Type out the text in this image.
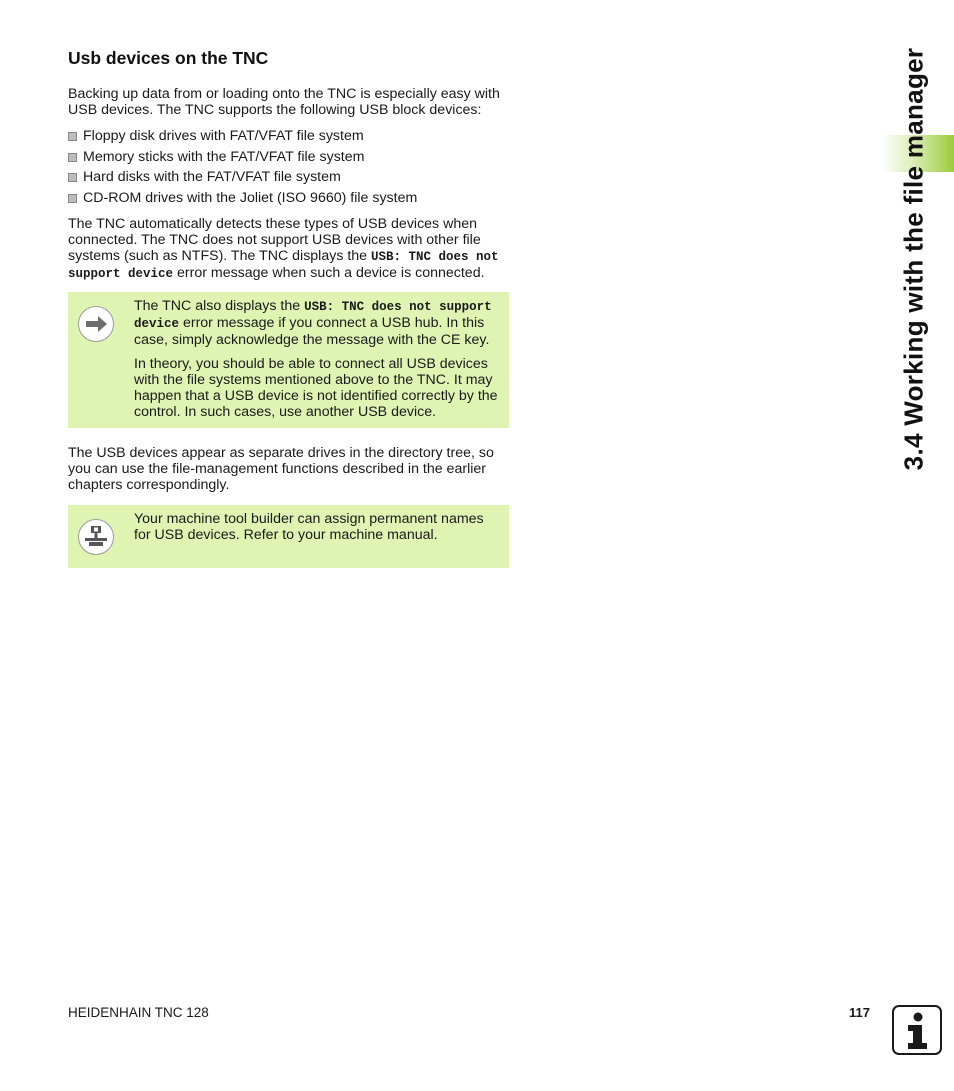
Usb devices on the TNC

Backing up data from or loading onto the TNC is especially easy with USB devices. The TNC supports the following USB block devices:

Floppy disk drives with FAT/VFAT file system
Memory sticks with the FAT/VFAT file system
Hard disks with the FAT/VFAT file system
CD-ROM drives with the Joliet (ISO 9660) file system

The TNC automatically detects these types of USB devices when connected. The TNC does not support USB devices with other file systems (such as NTFS). The TNC displays the USB: TNC does not support device error message when such a device is connected.

The TNC also displays the USB: TNC does not support device error message if you connect a USB hub. In this case, simply acknowledge the message with the CE key.

In theory, you should be able to connect all USB devices with the file systems mentioned above to the TNC. It may happen that a USB device is not identified correctly by the control. In such cases, use another USB device.

The USB devices appear as separate drives in the directory tree, so you can use the file-management functions described in the earlier chapters correspondingly.

Your machine tool builder can assign permanent names for USB devices. Refer to your machine manual.

3.4 Working with the file manager
HEIDENHAIN TNC 128	117
